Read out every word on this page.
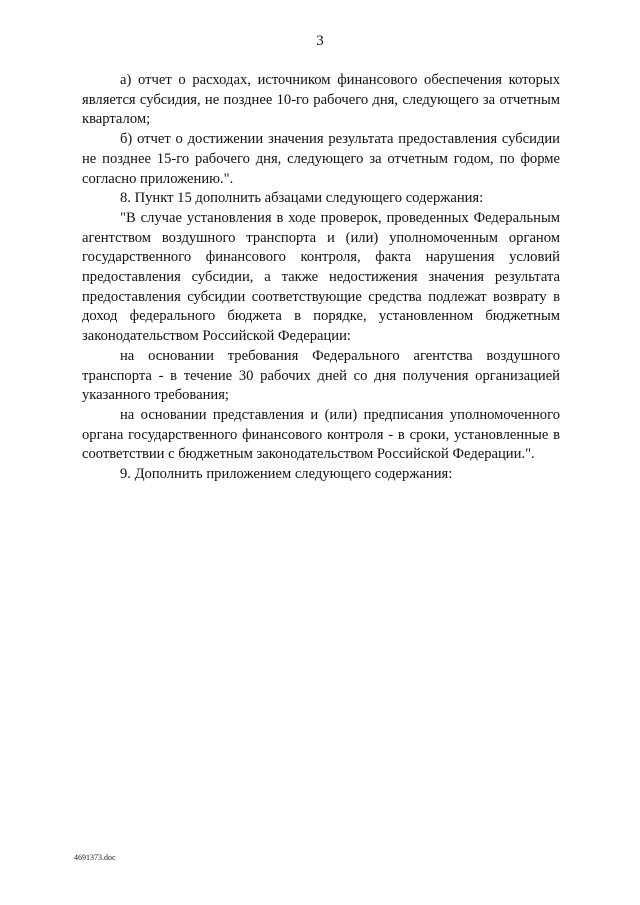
3

а) отчет о расходах, источником финансового обеспечения которых является субсидия, не позднее 10-го рабочего дня, следующего за отчетным кварталом;

б) отчет о достижении значения результата предоставления субсидии не позднее 15-го рабочего дня, следующего за отчетным годом, по форме согласно приложению.".

8. Пункт 15 дополнить абзацами следующего содержания:

"В случае установления в ходе проверок, проведенных Федеральным агентством воздушного транспорта и (или) уполномоченным органом государственного финансового контроля, факта нарушения условий предоставления субсидии, а также недостижения значения результата предоставления субсидии соответствующие средства подлежат возврату в доход федерального бюджета в порядке, установленном бюджетным законодательством Российской Федерации:

на основании требования Федерального агентства воздушного транспорта - в течение 30 рабочих дней со дня получения организацией указанного требования;

на основании представления и (или) предписания уполномоченного органа государственного финансового контроля - в сроки, установленные в соответствии с бюджетным законодательством Российской Федерации.".

9. Дополнить приложением следующего содержания:

4691373.doc
